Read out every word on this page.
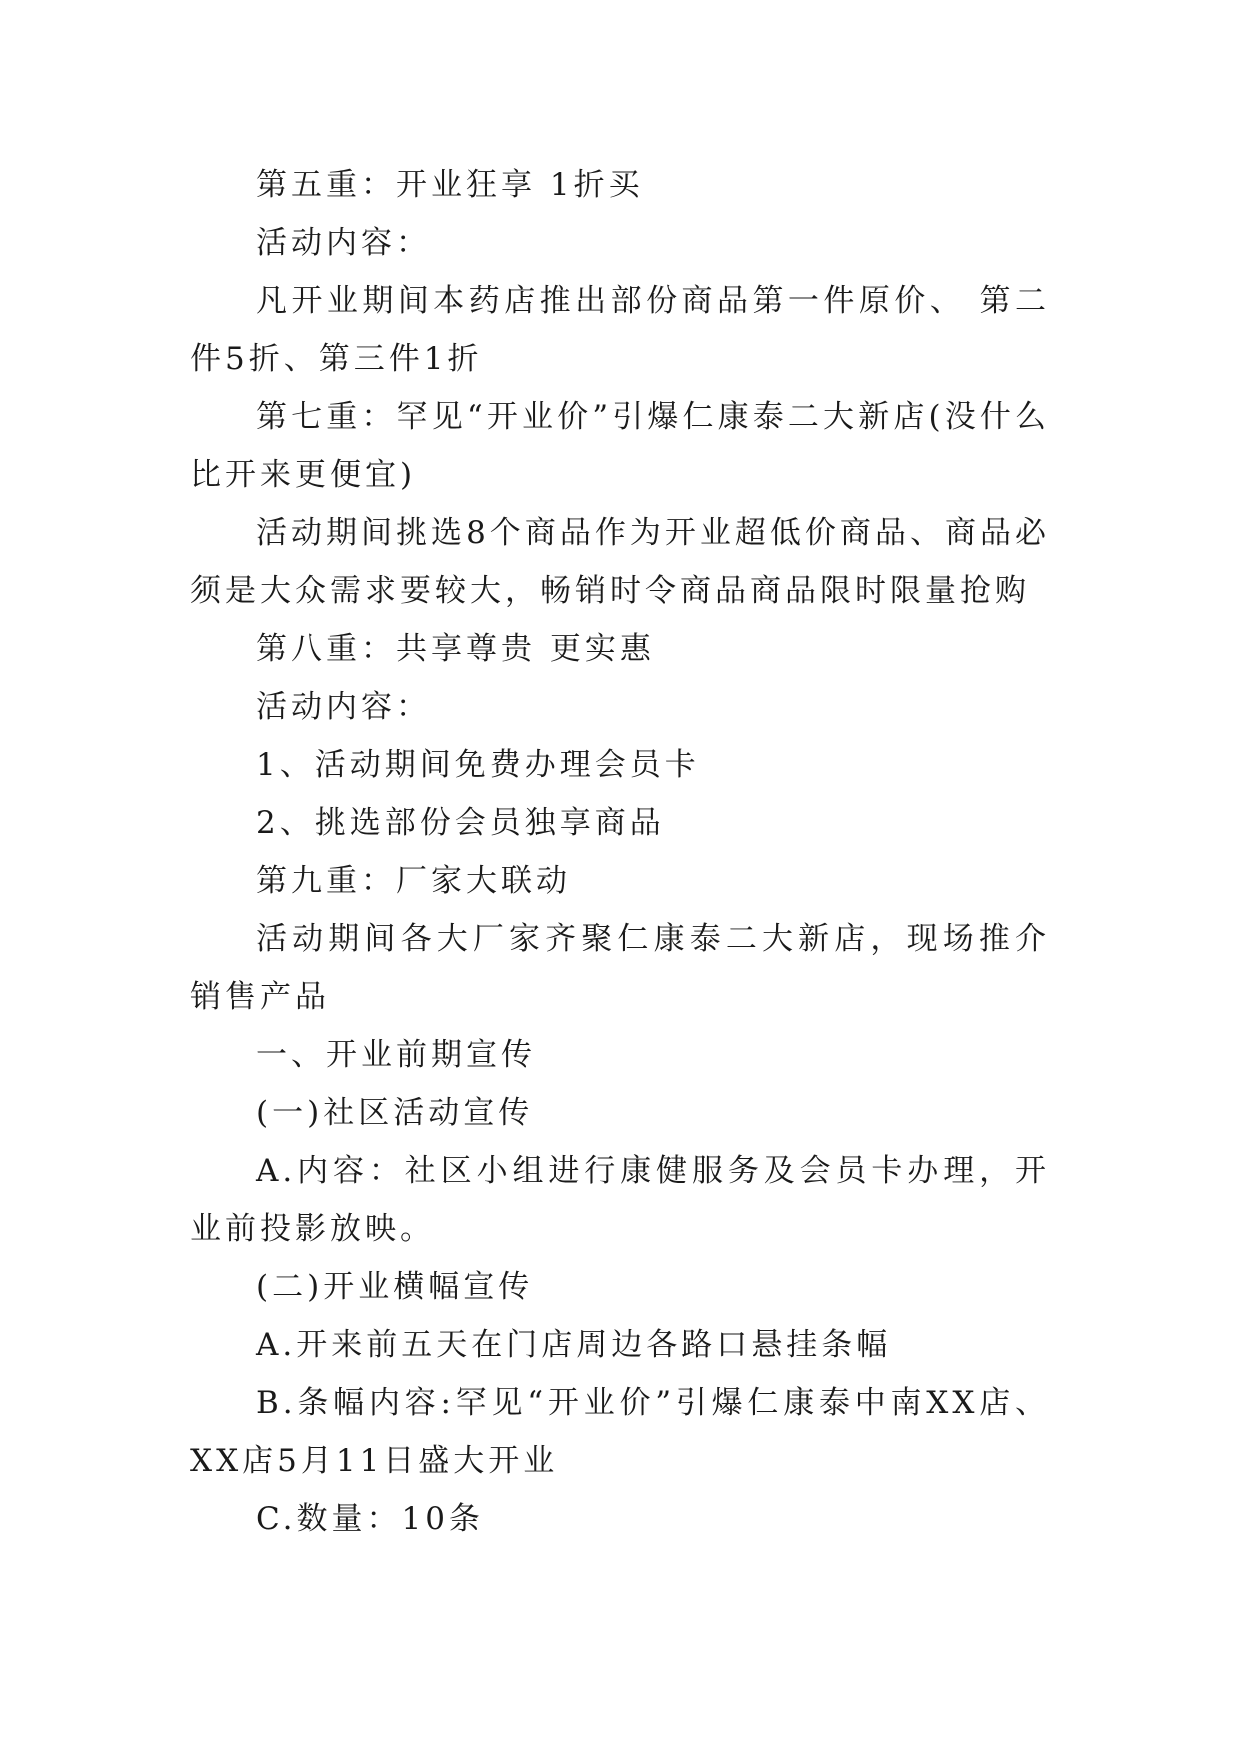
第五重：开业狂享 1折买

活动内容：

凡开业期间本药店推出部份商品第一件原价、 第二件5折、第三件1折

第七重：罕见“开业价”引爆仁康泰二大新店(没什么比开来更便宜)

活动期间挑选8个商品作为开业超低价商品、商品必须是大众需求要较大，畅销时令商品商品限时限量抢购

第八重：共享尊贵 更实惠

活动内容：

1、活动期间免费办理会员卡

2、挑选部份会员独享商品

第九重：厂家大联动

活动期间各大厂家齐聚仁康泰二大新店，现场推介销售产品

一、开业前期宣传

(一)社区活动宣传

A.内容：社区小组进行康健服务及会员卡办理，开业前投影放映。

(二)开业横幅宣传

A.开来前五天在门店周边各路口悬挂条幅

B.条幅内容:罕见“开业价”引爆仁康泰中南XX店、XX店5月11日盛大开业

C.数量：10条
